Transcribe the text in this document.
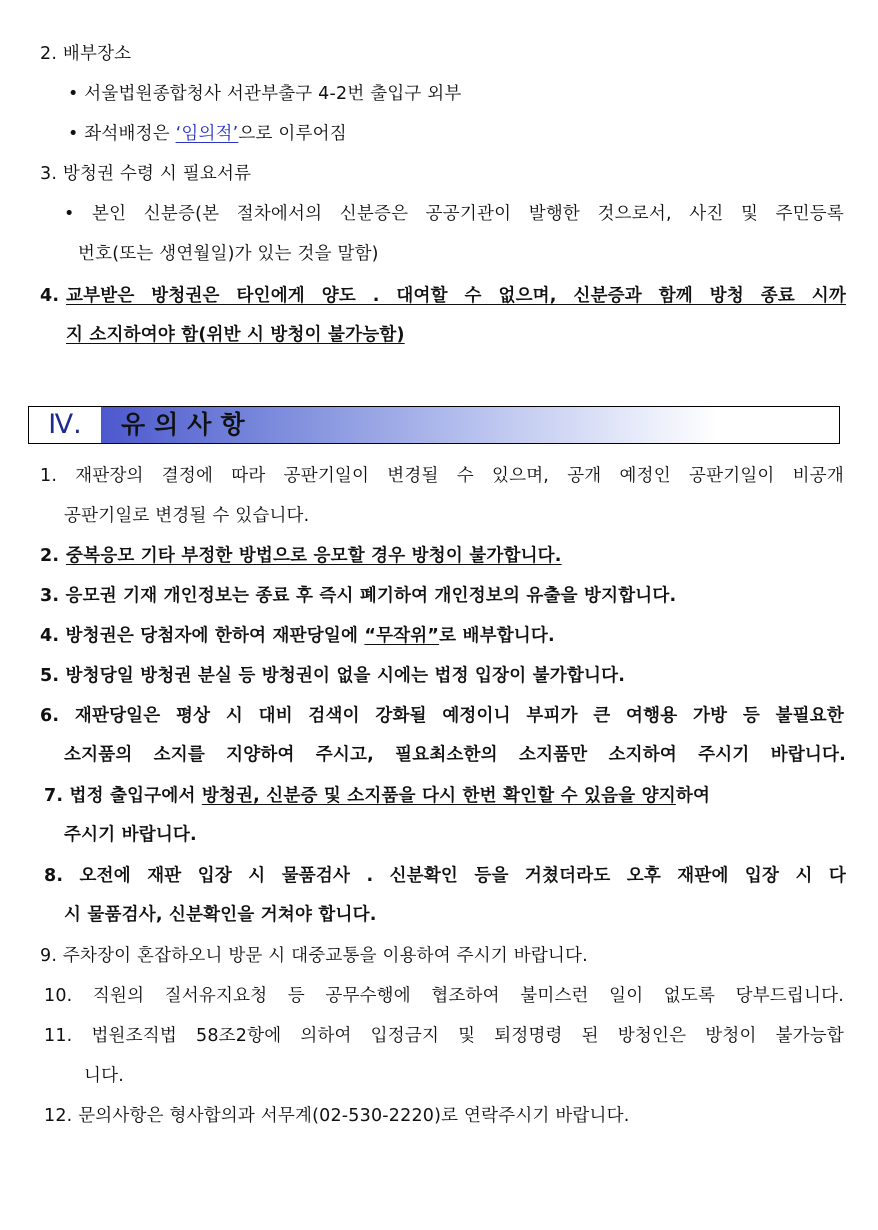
2. 배부장소
• 서울법원종합청사 서관부출구 4-2번 출입구 외부
• 좌석배정은 ‘임의적’으로 이루어짐
3. 방청권 수령 시 필요서류
• 본인 신분증(본 절차에서의 신분증은 공공기관이 발행한 것으로서, 사진 및 주민등록
번호(또는 생연월일)가 있는 것을 말함)
4. 교부받은 방청권은 타인에게 양도 . 대여할 수 없으며, 신분증과 함께 방청 종료 시까
지 소지하여야 함(위반 시 방청이 불가능함)
Ⅳ.	유의사항
1. 재판장의 결정에 따라 공판기일이 변경될 수 있으며, 공개 예정인 공판기일이 비공개
공판기일로 변경될 수 있습니다.
2. 중복응모 기타 부정한 방법으로 응모할 경우 방청이 불가합니다.
3. 응모권 기재 개인정보는 종료 후 즉시 폐기하여 개인정보의 유출을 방지합니다.
4. 방청권은 당첨자에 한하여 재판당일에 “무작위”로 배부합니다.
5. 방청당일 방청권 분실 등 방청권이 없을 시에는 법정 입장이 불가합니다.
6. 재판당일은 평상 시 대비 검색이 강화될 예정이니 부피가 큰 여행용 가방 등 불필요한
소지품의 소지를 지양하여 주시고, 필요최소한의 소지품만 소지하여 주시기 바랍니다.
7. 법정 출입구에서 방청권, 신분증 및 소지품을 다시 한번 확인할 수 있음을 양지하여
주시기 바랍니다.
8. 오전에 재판 입장 시 물품검사 . 신분확인 등을 거쳤더라도 오후 재판에 입장 시 다
시 물품검사, 신분확인을 거쳐야 합니다.
9. 주차장이 혼잡하오니 방문 시 대중교통을 이용하여 주시기 바랍니다.
10. 직원의 질서유지요청 등 공무수행에 협조하여 불미스런 일이 없도록 당부드립니다.
11. 법원조직법 58조2항에 의하여 입정금지 및 퇴정명령 된 방청인은 방청이 불가능합
니다.
12. 문의사항은 형사합의과 서무계(02-530-2220)로 연락주시기 바랍니다.
